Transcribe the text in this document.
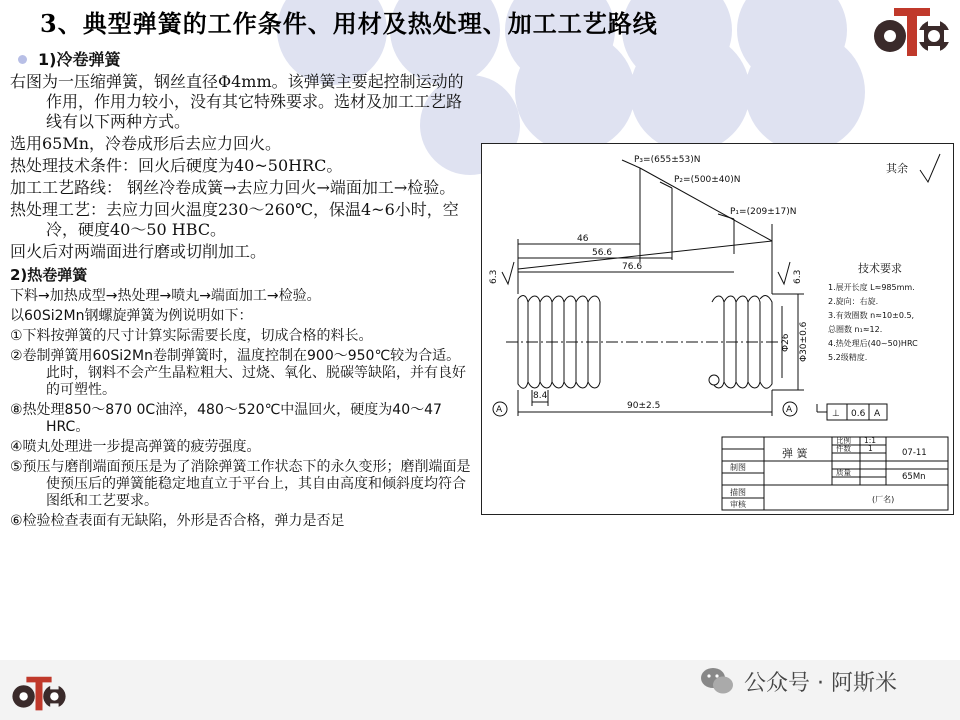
3、典型弹簧的工作条件、用材及热处理、加工工艺路线
1)冷卷弹簧

右图为一压缩弹簧，钢丝直径Φ4mm。该弹簧主要起控制运动的作用，作用力较小，没有其它特殊要求。选材及加工工艺路线有以下两种方式。

选用65Mn，冷卷成形后去应力回火。

热处理技术条件：回火后硬度为40~50HRC。

加工工艺路线： 钢丝冷卷成簧→去应力回火→端面加工→检验。

热处理工艺：去应力回火温度230～260℃，保温4~6小时，空冷，硬度40～50 HBC。

回火后对两端面进行磨或切削加工。

2)热卷弹簧

下料→加热成型→热处理→喷丸→端面加工→检验。

以60Si2Mn钢螺旋弹簧为例说明如下：

①下料按弹簧的尺寸计算实际需要长度，切成合格的料长。

②卷制弹簧用60Si2Mn卷制弹簧时，温度控制在900～950℃较为合适。此时，钢料不会产生晶粒粗大、过烧、氧化、脱碳等缺陷，并有良好的可塑性。

⑧热处理850～870 0C油淬，480～520℃中温回火，硬度为40～47 HRC。

④喷丸处理进一步提高弹簧的疲劳强度。

⑤预压与磨削端面预压是为了消除弹簧工作状态下的永久变形；磨削端面是使预压后的弹簧能稳定地直立于平台上，其自由高度和倾斜度均符合图纸和工艺要求。

⑥检验检查表面有无缺陷，外形是否合格，弹力是否足

P₃=(655±53)N
P₂=(500±40)N
P₁=(209±17)N
46
56.6
76.6
90±2.5
8.4
Φ26 Φ30±0.6
6.3	6.3
其余
A	A	⊥ 0.6 A
技术要求
1.展开长度 L≈985mm.
2.旋向：右旋.
3.有效圈数 n≈10±0.5,
总圈数 n₁≈12.
4.热处理后(40~50)HRC
5.2级精度.
弹 簧
比例 1:1
07-11
件数 1
质量	65Mn
制图
描图
审核
(厂名)
公众号 · 阿斯米
